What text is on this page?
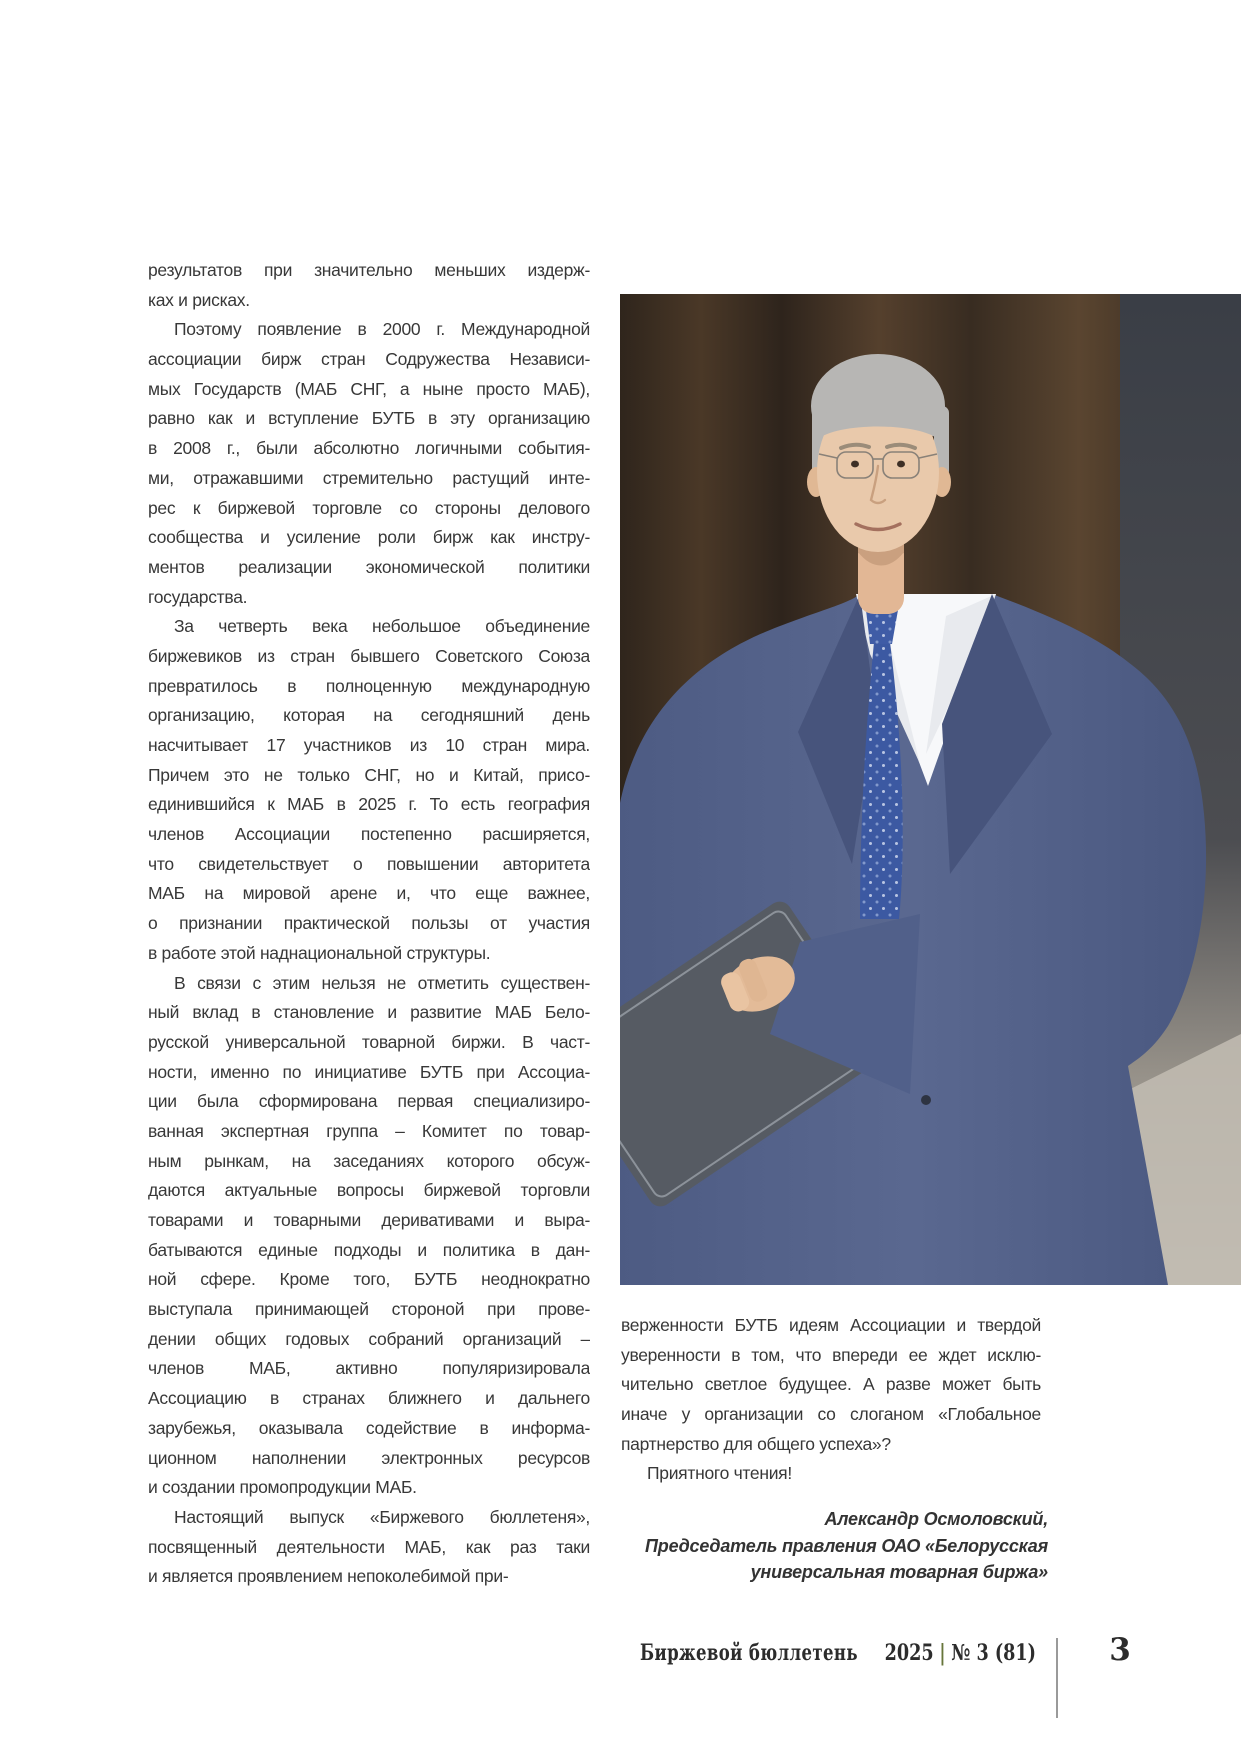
результатов при значительно меньших издерж-
ках и рисках.
Поэтому появление в 2000 г. Международной
ассоциации бирж стран Содружества Независи-
мых Государств (МАБ СНГ, а ныне просто МАБ),
равно как и вступление БУТБ в эту организацию
в 2008 г., были абсолютно логичными события-
ми, отражавшими стремительно растущий инте-
рес к биржевой торговле со стороны делового
сообщества и усиление роли бирж как инстру-
ментов реализации экономической политики
государства.
За четверть века небольшое объединение
биржевиков из стран бывшего Советского Союза
превратилось в полноценную международную
организацию, которая на сегодняшний день
насчитывает 17 участников из 10 стран мира.
Причем это не только СНГ, но и Китай, присо-
единившийся к МАБ в 2025 г. То есть география
членов Ассоциации постепенно расширяется,
что свидетельствует о повышении авторитета
МАБ на мировой арене и, что еще важнее,
о признании практической пользы от участия
в работе этой наднациональной структуры.
В связи с этим нельзя не отметить существен-
ный вклад в становление и развитие МАБ Бело-
русской универсальной товарной биржи. В част-
ности, именно по инициативе БУТБ при Ассоциа-
ции была сформирована первая специализиро-
ванная экспертная группа – Комитет по товар-
ным рынкам, на заседаниях которого обсуж-
даются актуальные вопросы биржевой торговли
товарами и товарными деривативами и выра-
батываются единые подходы и политика в дан-
ной сфере. Кроме того, БУТБ неоднократно
выступала принимающей стороной при прове-
дении общих годовых собраний организаций –
членов МАБ, активно популяризировала
Ассоциацию в странах ближнего и дальнего
зарубежья, оказывала содействие в информа-
ционном наполнении электронных ресурсов
и создании промопродукции МАБ.
Настоящий выпуск «Биржевого бюллетеня»,
посвященный деятельности МАБ, как раз таки
и является проявлением непоколебимой при-
верженности БУТБ идеям Ассоциации и твердой
уверенности в том, что впереди ее ждет исклю-
чительно светлое будущее. А разве может быть
иначе у организации со слоганом «Глобальное
партнерство для общего успеха»?
Приятного чтения!
Александр Осмоловский,
Председатель правления ОАО «Белорусская
универсальная товарная биржа»
Биржевой бюллетень	2025 | № 3 (81)	3
